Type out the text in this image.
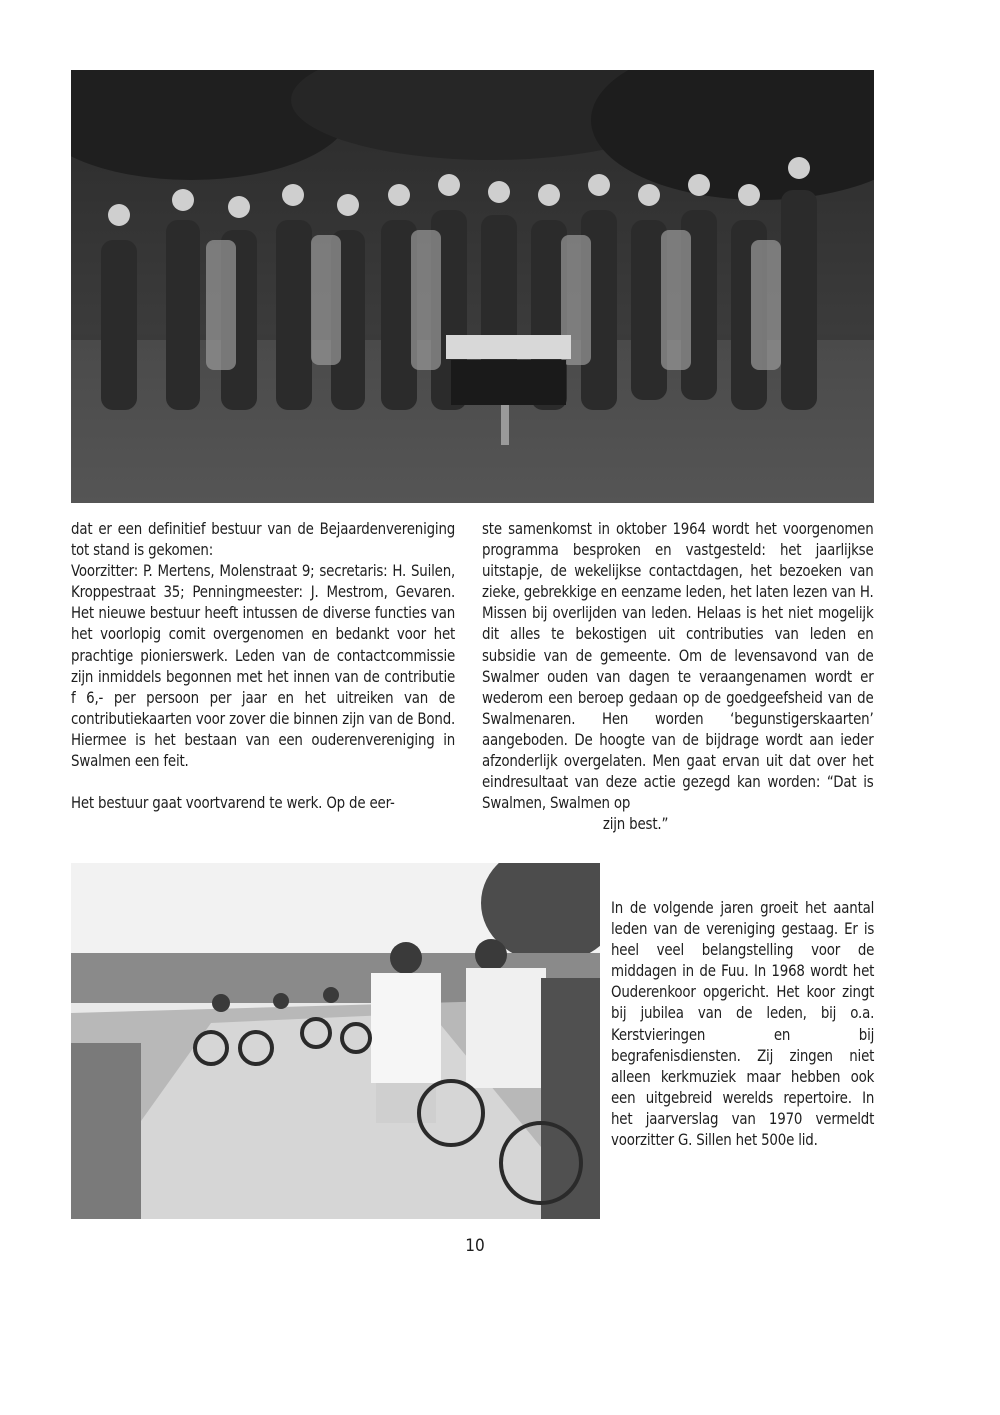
dat er een definitief bestuur van de Bejaardenvereniging tot stand is gekomen:

Voorzitter: P. Mertens, Molenstraat 9; secretaris: H. Suilen, Kroppestraat 35; Penningmeester: J. Mestrom, Gevaren. Het nieuwe bestuur heeft intussen de diverse functies van het voorlopig comit overgenomen en bedankt voor het prachtige pionierswerk. Leden van de contactcommissie zijn inmiddels begonnen met het innen van de contributie f 6,- per persoon per jaar en het uitreiken van de contributiekaarten voor zover die binnen zijn van de Bond. Hiermee is het bestaan van een ouderenvereniging in Swalmen een feit.

Het bestuur gaat voortvarend te werk. Op de eer-

ste samenkomst in oktober 1964 wordt het voorgenomen programma besproken en vastgesteld: het jaarlijkse uitstapje, de wekelijkse contactdagen, het bezoeken van zieke, gebrekkige en eenzame leden, het laten lezen van H. Missen bij overlijden van leden. Helaas is het niet mogelijk dit alles te bekostigen uit contributies van leden en subsidie van de gemeente. Om de levensavond van de Swalmer ouden van dagen te veraangenamen wordt er wederom een beroep gedaan op de goedgeefsheid van de Swalmenaren. Hen worden ‘begunstigerskaarten’ aangeboden. De hoogte van de bijdrage wordt aan ieder afzonderlijk overgelaten. Men gaat ervan uit dat over het eindresultaat van deze actie gezegd kan worden: “Dat is Swalmen, Swalmen op

zijn best.”

In de volgende jaren groeit het aantal leden van de vereniging gestaag. Er is heel veel belangstelling voor de middagen in de Fuu. In 1968 wordt het Ouderenkoor opgericht. Het koor zingt bij jubilea van de leden, bij o.a. Kerstvieringen en bij begrafenisdiensten. Zij zingen niet alleen kerkmuziek maar hebben ook een uitgebreid werelds repertoire. In het jaarverslag van 1970 vermeldt voorzitter G. Sillen het 500e lid.

10
